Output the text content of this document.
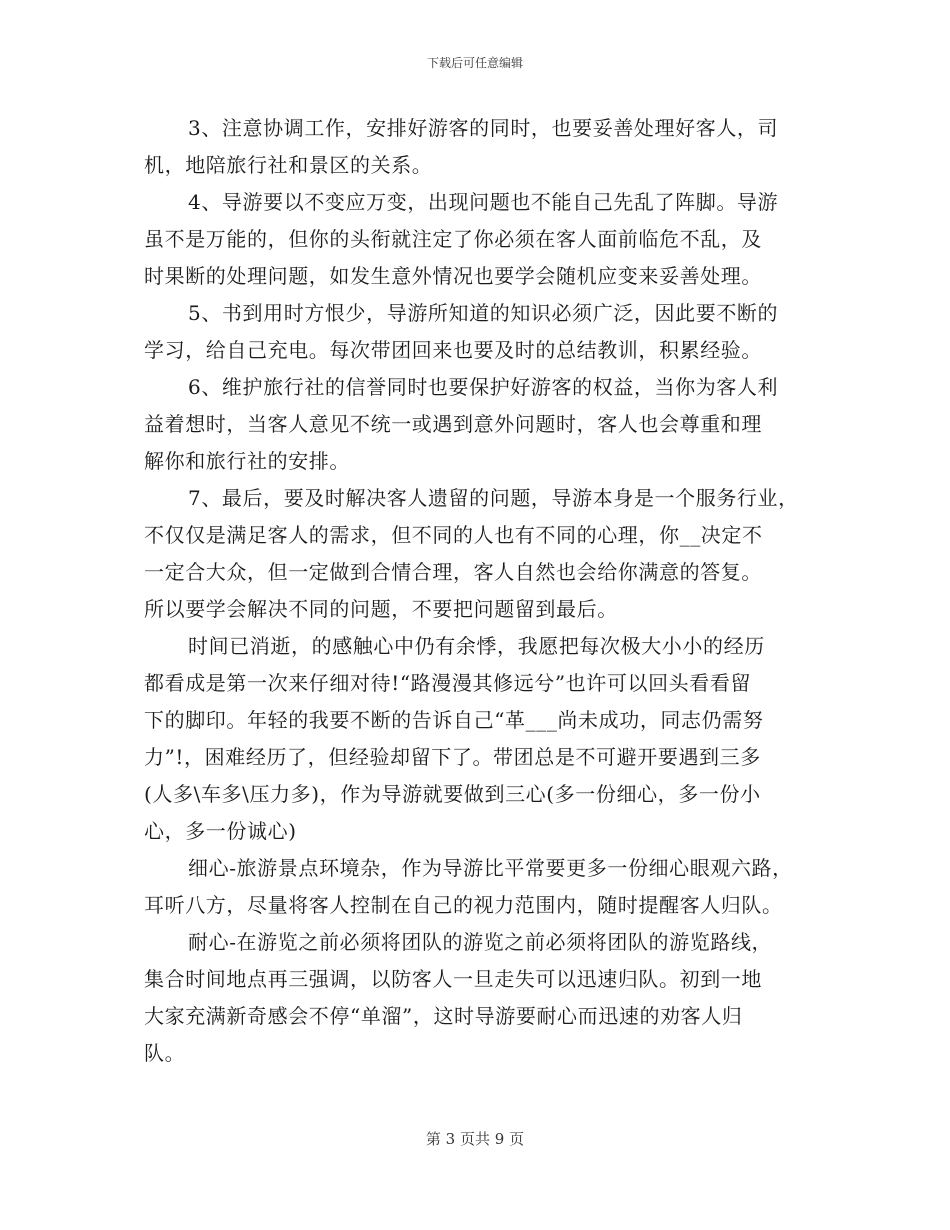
下载后可任意编辑
3、注意协调工作，安排好游客的同时，也要妥善处理好客人，司
机，地陪旅行社和景区的关系。
4、导游要以不变应万变，出现问题也不能自己先乱了阵脚。导游
虽不是万能的，但你的头衔就注定了你必须在客人面前临危不乱，及
时果断的处理问题，如发生意外情况也要学会随机应变来妥善处理。
5、书到用时方恨少，导游所知道的知识必须广泛，因此要不断的
学习，给自己充电。每次带团回来也要及时的总结教训，积累经验。
6、维护旅行社的信誉同时也要保护好游客的权益，当你为客人利
益着想时，当客人意见不统一或遇到意外问题时，客人也会尊重和理
解你和旅行社的安排。
7、最后，要及时解决客人遗留的问题，导游本身是一个服务行业，
不仅仅是满足客人的需求，但不同的人也有不同的心理，你__决定不
一定合大众，但一定做到合情合理，客人自然也会给你满意的答复。
所以要学会解决不同的问题，不要把问题留到最后。
时间已消逝，的感触心中仍有余悸，我愿把每次极大小小的经历
都看成是第一次来仔细对待!“路漫漫其修远兮”也许可以回头看看留
下的脚印。年轻的我要不断的告诉自己“革___尚未成功，同志仍需努
力”!，困难经历了，但经验却留下了。带团总是不可避开要遇到三多
(人多\车多\压力多)，作为导游就要做到三心(多一份细心，多一份小
心，多一份诚心)
细心-旅游景点环境杂，作为导游比平常要更多一份细心眼观六路，
耳听八方，尽量将客人控制在自己的视力范围内，随时提醒客人归队。
耐心-在游览之前必须将团队的游览之前必须将团队的游览路线，
集合时间地点再三强调，以防客人一旦走失可以迅速归队。初到一地
大家充满新奇感会不停“单溜”，这时导游要耐心而迅速的劝客人归
队。
第 3 页共 9 页
